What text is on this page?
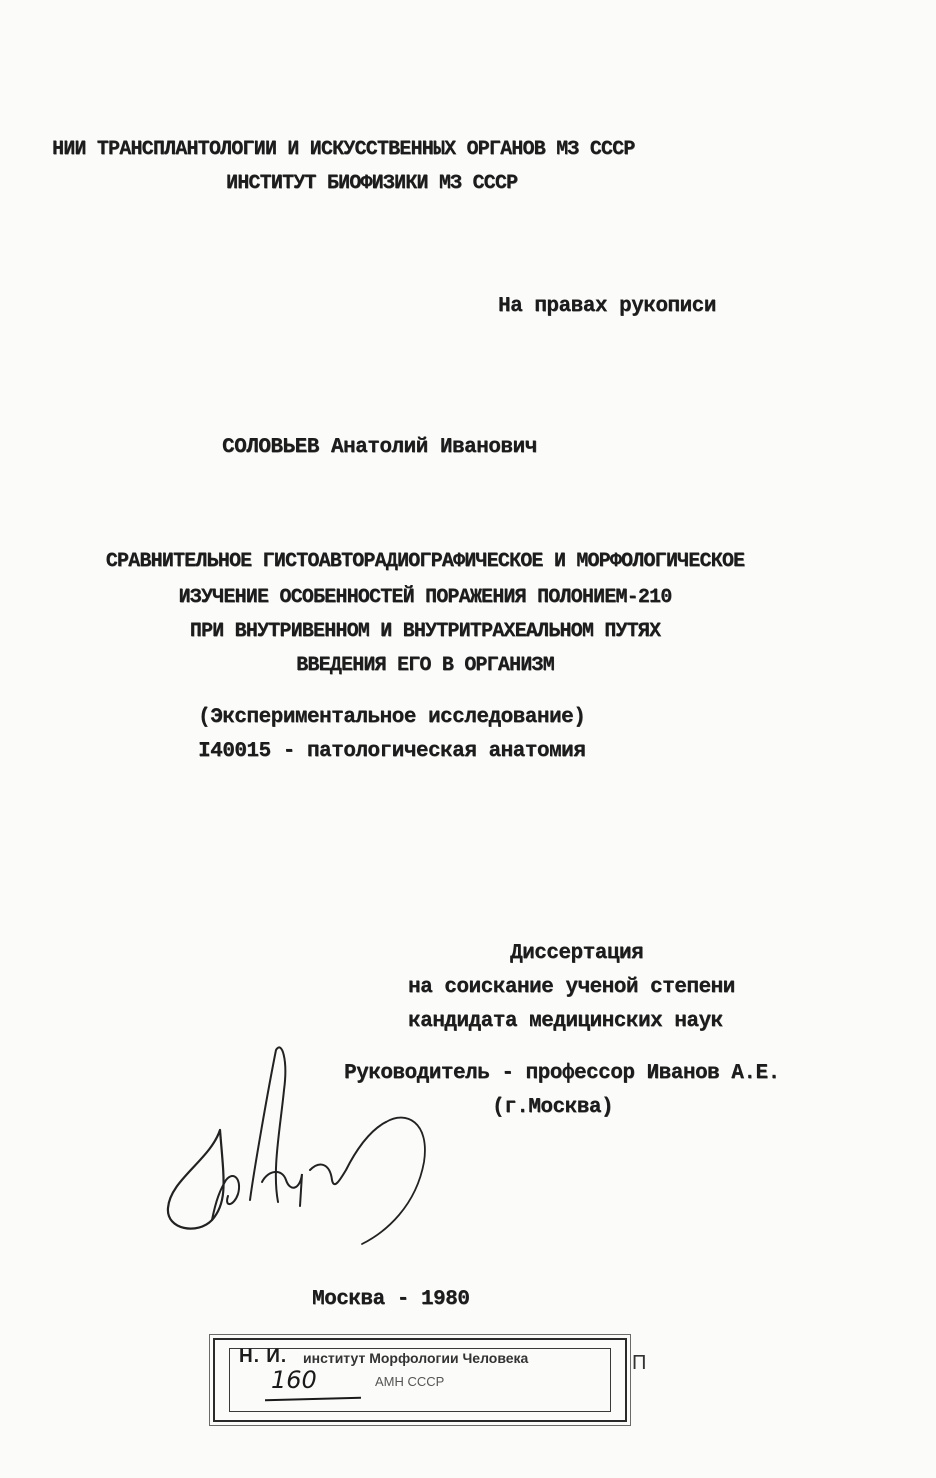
НИИ ТРАНСПЛАНТОЛОГИИ И ИСКУССТВЕННЫХ ОРГАНОВ МЗ СССР
ИНСТИТУТ БИОФИЗИКИ МЗ СССР
На правах рукописи
СОЛОВЬЕВ Анатолий Иванович
СРАВНИТЕЛЬНОЕ ГИСТОАВТОРАДИОГРАФИЧЕСКОЕ И МОРФОЛОГИЧЕСКОЕ
ИЗУЧЕНИЕ ОСОБЕННОСТЕЙ ПОРАЖЕНИЯ ПОЛОНИЕМ-210
ПРИ ВНУТРИВЕННОМ И ВНУТРИТРАХЕАЛЬНОМ ПУТЯХ
ВВЕДЕНИЯ ЕГО В ОРГАНИЗМ
(Экспериментальное исследование)
I40015 - патологическая анатомия
Диссертация
на соискание ученой степени
кандидата медицинских наук
Руководитель - профессор Иванов А.Е.
(г.Москва)
Москва - 1980
Н. И. институт Морфологии Человека
АМН СССР
160
П
